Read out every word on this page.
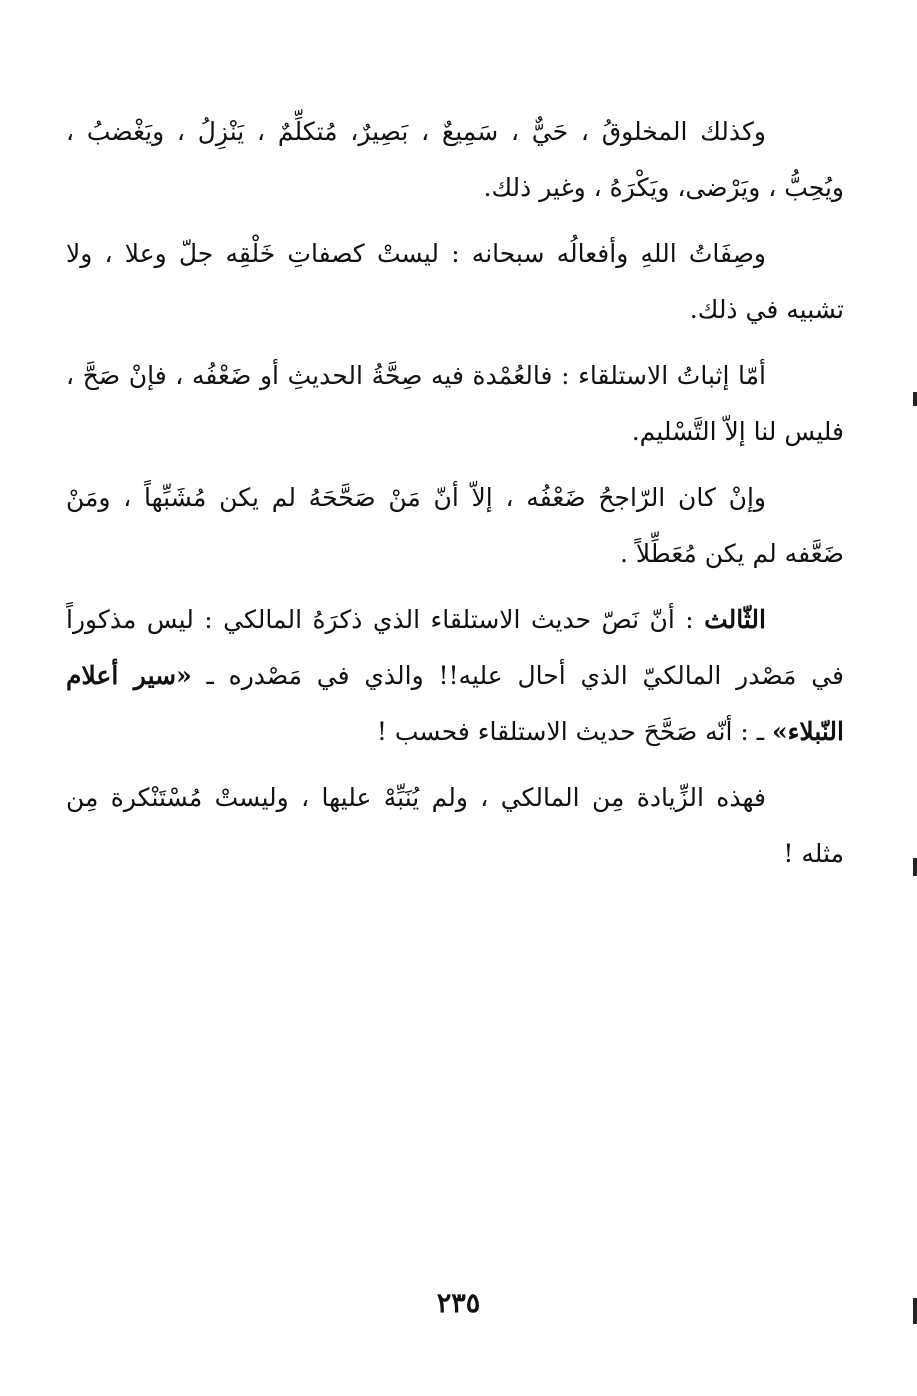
وكذلك المخلوقُ ، حَيٌّ ، سَمِيعٌ ، بَصِيرٌ، مُتكلِّمٌ ، يَنْزِلُ ، ويَغْضبُ ، ويُحِبُّ ، ويَرْضى، ويَكْرَهُ ، وغير ذلك.

وصِفَاتُ اللهِ وأفعالُه سبحانه : ليستْ كصفاتِ خَلْقِه جلّ وعلا ، ولا تشبيه في ذلك.

أمّا إثباتُ الاستلقاء : فالعُمْدة فيه صِحَّةُ الحديثِ أو ضَعْفُه ، فإنْ صَحَّ ، فليس لنا إلاّ التَّسْليم.

وإنْ كان الرّاجحُ ضَعْفُه ، إلاّ أنّ مَنْ صَحَّحَهُ لم يكن مُشَبِّهاً ، ومَنْ ضَعَّفه لم يكن مُعَطِّلاً .

الثّالث : أنّ نَصّ حديث الاستلقاء الذي ذكرَهُ المالكي : ليس مذكوراً في مَصْدر المالكيّ الذي أحال عليه!! والذي في مَصْدره ـ «سير أعلام النّبلاء» ـ : أنّه صَحَّحَ حديث الاستلقاء فحسب !

فهذه الزِّيادة مِن المالكي ، ولم يُنَبِّهْ عليها ، وليستْ مُسْتَنْكرة مِن مثله !

٢٣٥
